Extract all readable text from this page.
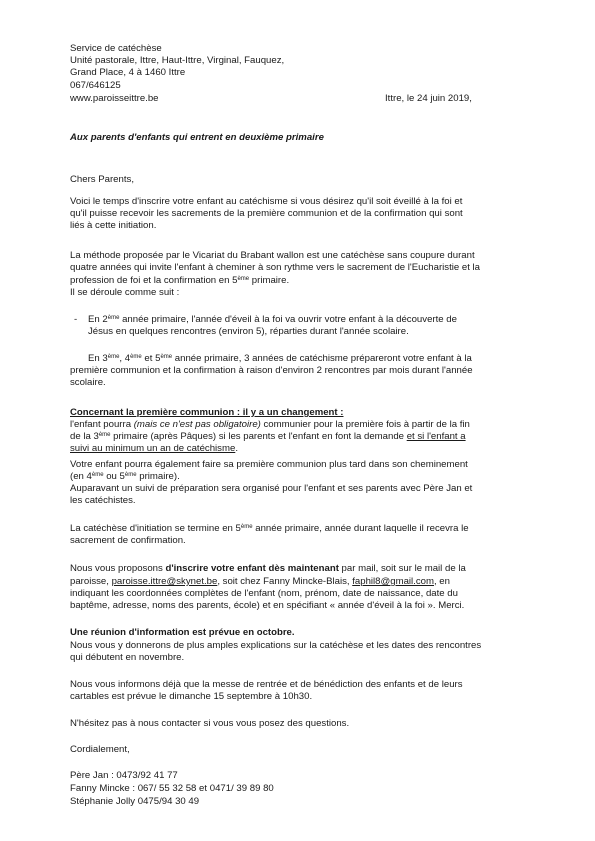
Service de catéchèse
Unité pastorale, Ittre, Haut-Ittre, Virginal, Fauquez,
Grand Place, 4 à 1460 Ittre
067/646125
www.paroisseittre.be	Ittre, le 24 juin 2019,
Aux parents d'enfants qui entrent en deuxième primaire
Chers Parents,
Voici le temps d'inscrire votre enfant au catéchisme si vous désirez qu'il soit éveillé à la foi et
qu'il puisse recevoir les sacrements de la première communion et de la confirmation qui sont
liés à cette initiation.
La méthode proposée par le Vicariat du Brabant wallon est une catéchèse sans coupure durant
quatre années qui invite l'enfant à cheminer à son rythme vers le sacrement de l'Eucharistie et la
profession de foi et la confirmation en 5ème primaire.
Il se déroule comme suit :
- En 2ème année primaire, l'année d'éveil à la foi va ouvrir votre enfant à la découverte de
Jésus en quelques rencontres (environ 5), réparties durant l'année scolaire.
En 3ème, 4ème et 5ème année primaire, 3 années de catéchisme prépareront votre enfant à la
première communion et la confirmation à raison d'environ 2 rencontres par mois durant l'année
scolaire.
Concernant la première communion : il y a un changement :
l'enfant pourra (mais ce n'est pas obligatoire) communier pour la première fois à partir de la fin
de la 3ème primaire (après Pâques) si les parents et l'enfant en font la demande et si l'enfant a
suivi au minimum un an de catéchisme.
Votre enfant pourra également faire sa première communion plus tard dans son cheminement
(en 4ème ou 5ème primaire).
Auparavant un suivi de préparation sera organisé pour l'enfant et ses parents avec Père Jan et
les catéchistes.
La catéchèse d'initiation se termine en 5ème année primaire, année durant laquelle il recevra le
sacrement de confirmation.
Nous vous proposons d'inscrire votre enfant dès maintenant par mail, soit sur le mail de la
paroisse, paroisse.ittre@skynet.be, soit chez Fanny Mincke-Blais, faphil8@gmail.com, en
indiquant les coordonnées complètes de l'enfant (nom, prénom, date de naissance, date du
baptême, adresse, noms des parents, école) et en spécifiant « année d'éveil à la foi ». Merci.
Une réunion d'information est prévue en octobre.
Nous vous y donnerons de plus amples explications sur la catéchèse et les dates des rencontres
qui débutent en novembre.
Nous vous informons déjà que la messe de rentrée et de bénédiction des enfants et de leurs
cartables est prévue le dimanche 15 septembre à 10h30.
N'hésitez pas à nous contacter si vous vous posez des questions.
Cordialement,
Père Jan : 0473/92 41 77
Fanny Mincke : 067/ 55 32 58 et 0471/ 39 89 80
Stéphanie Jolly 0475/94 30 49
